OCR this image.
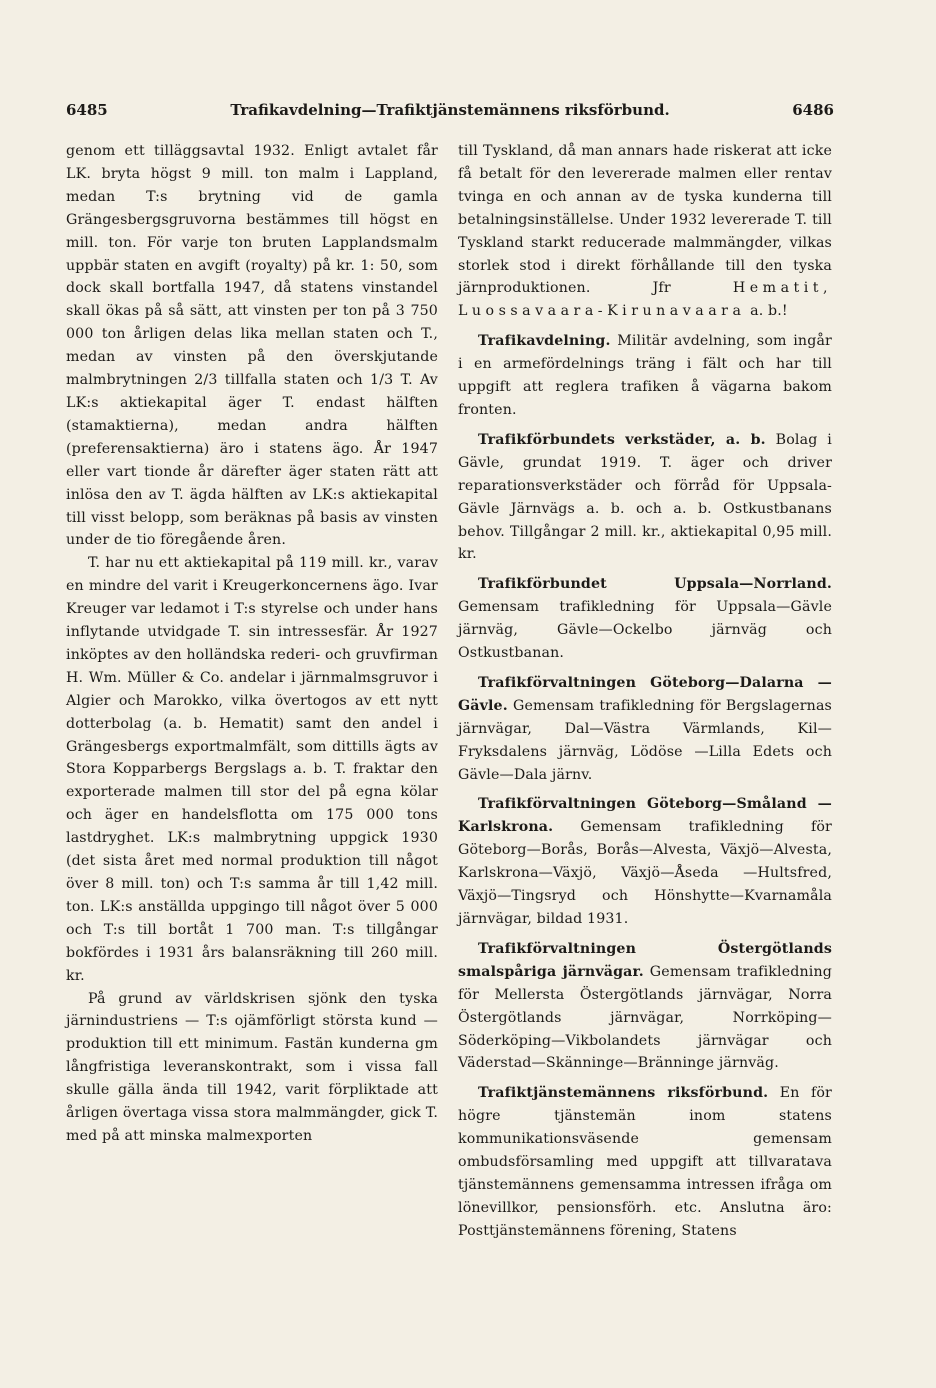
6485	Trafikavdelning—Trafiktjänstemännens riksförbund.	6486

genom ett tilläggsavtal 1932. Enligt avtalet får LK. bryta högst 9 mill. ton malm i Lappland, medan T:s brytning vid de gamla Grängesbergsgruvorna bestämmes till högst en mill. ton. För varje ton bruten Lapplandsmalm uppbär staten en avgift (royalty) på kr. 1: 50, som dock skall bortfalla 1947, då statens vinstandel skall ökas på så sätt, att vinsten per ton på 3 750 000 ton årligen delas lika mellan staten och T., medan av vinsten på den överskjutande malmbrytningen 2/3 tillfalla staten och 1/3 T. Av LK:s aktiekapital äger T. endast hälften (stamaktierna), medan andra hälften (preferensaktierna) äro i statens ägo. År 1947 eller vart tionde år därefter äger staten rätt att inlösa den av T. ägda hälften av LK:s aktiekapital till visst belopp, som beräknas på basis av vinsten under de tio föregående åren.

T. har nu ett aktiekapital på 119 mill. kr., varav en mindre del varit i Kreugerkoncernens ägo. Ivar Kreuger var ledamot i T:s styrelse och under hans inflytande utvidgade T. sin intressesfär. År 1927 inköptes av den holländska rederi- och gruvfirman H. Wm. Müller & Co. andelar i järnmalmsgruvor i Algier och Marokko, vilka övertogos av ett nytt dotterbolag (a. b. Hematit) samt den andel i Grängesbergs exportmalmfält, som dittills ägts av Stora Kopparbergs Bergslags a. b. T. fraktar den exporterade malmen till stor del på egna kölar och äger en handelsflotta om 175 000 tons lastdryghet. LK:s malmbrytning uppgick 1930 (det sista året med normal produktion till något över 8 mill. ton) och T:s samma år till 1,42 mill. ton. LK:s anställda uppgingo till något över 5 000 och T:s till bortåt 1 700 man. T:s tillgångar bokfördes i 1931 års balansräkning till 260 mill. kr.

På grund av världskrisen sjönk den tyska järnindustriens — T:s ojämförligt största kund — produktion till ett minimum. Fastän kunderna gm långfristiga leveranskontrakt, som i vissa fall skulle gälla ända till 1942, varit förpliktade att årligen övertaga vissa stora malmmängder, gick T. med på att minska malmexporten

till Tyskland, då man annars hade riskerat att icke få betalt för den levererade malmen eller rentav tvinga en och annan av de tyska kunderna till betalningsinställelse. Under 1932 levererade T. till Tyskland starkt reducerade malmmängder, vilkas storlek stod i direkt förhållande till den tyska järnproduktionen. Jfr	Hematit, Luossavaara-Kirunavaara a. b.!

Trafikavdelning. Militär avdelning, som ingår i en armefördelnings träng i fält och har till uppgift att reglera trafiken å vägarna bakom fronten.

Trafikförbundets verkstäder, a. b. Bolag i Gävle, grundat 1919. T. äger och driver reparationsverkstäder och förråd för Uppsala-Gävle Järnvägs a. b. och a. b. Ostkustbanans behov. Tillgångar 2 mill. kr., aktiekapital 0,95 mill. kr.

Trafikförbundet Uppsala—Norrland. Gemensam trafikledning för Uppsala—Gävle järnväg, Gävle—Ockelbo järnväg och Ostkustbanan.

Trafikförvaltningen Göteborg—Dalarna —Gävle. Gemensam trafikledning för Bergslagernas järnvägar, Dal—Västra Värmlands, Kil—Fryksdalens järnväg, Lödöse —Lilla Edets och Gävle—Dala järnv.

Trafikförvaltningen Göteborg—Småland —Karlskrona. Gemensam trafikledning för Göteborg—Borås, Borås—Alvesta, Växjö—Alvesta, Karlskrona—Växjö, Växjö—Åseda —Hultsfred, Växjö—Tingsryd och Hönshytte—Kvarnamåla järnvägar, bildad 1931.

Trafikförvaltningen Östergötlands smalspåriga järnvägar. Gemensam trafikledning för Mellersta Östergötlands järnvägar, Norra Östergötlands järnvägar, Norrköping—Söderköping—Vikbolandets järnvägar och Väderstad—Skänninge—Bränninge järnväg.

Trafiktjänstemännens riksförbund. En för högre tjänstemän inom statens kommunikationsväsende gemensam ombudsförsamling med uppgift att tillvaratava tjänstemännens gemensamma intressen ifråga om lönevillkor, pensionsförh. etc. Anslutna äro: Posttjänstemännens förening, Statens
